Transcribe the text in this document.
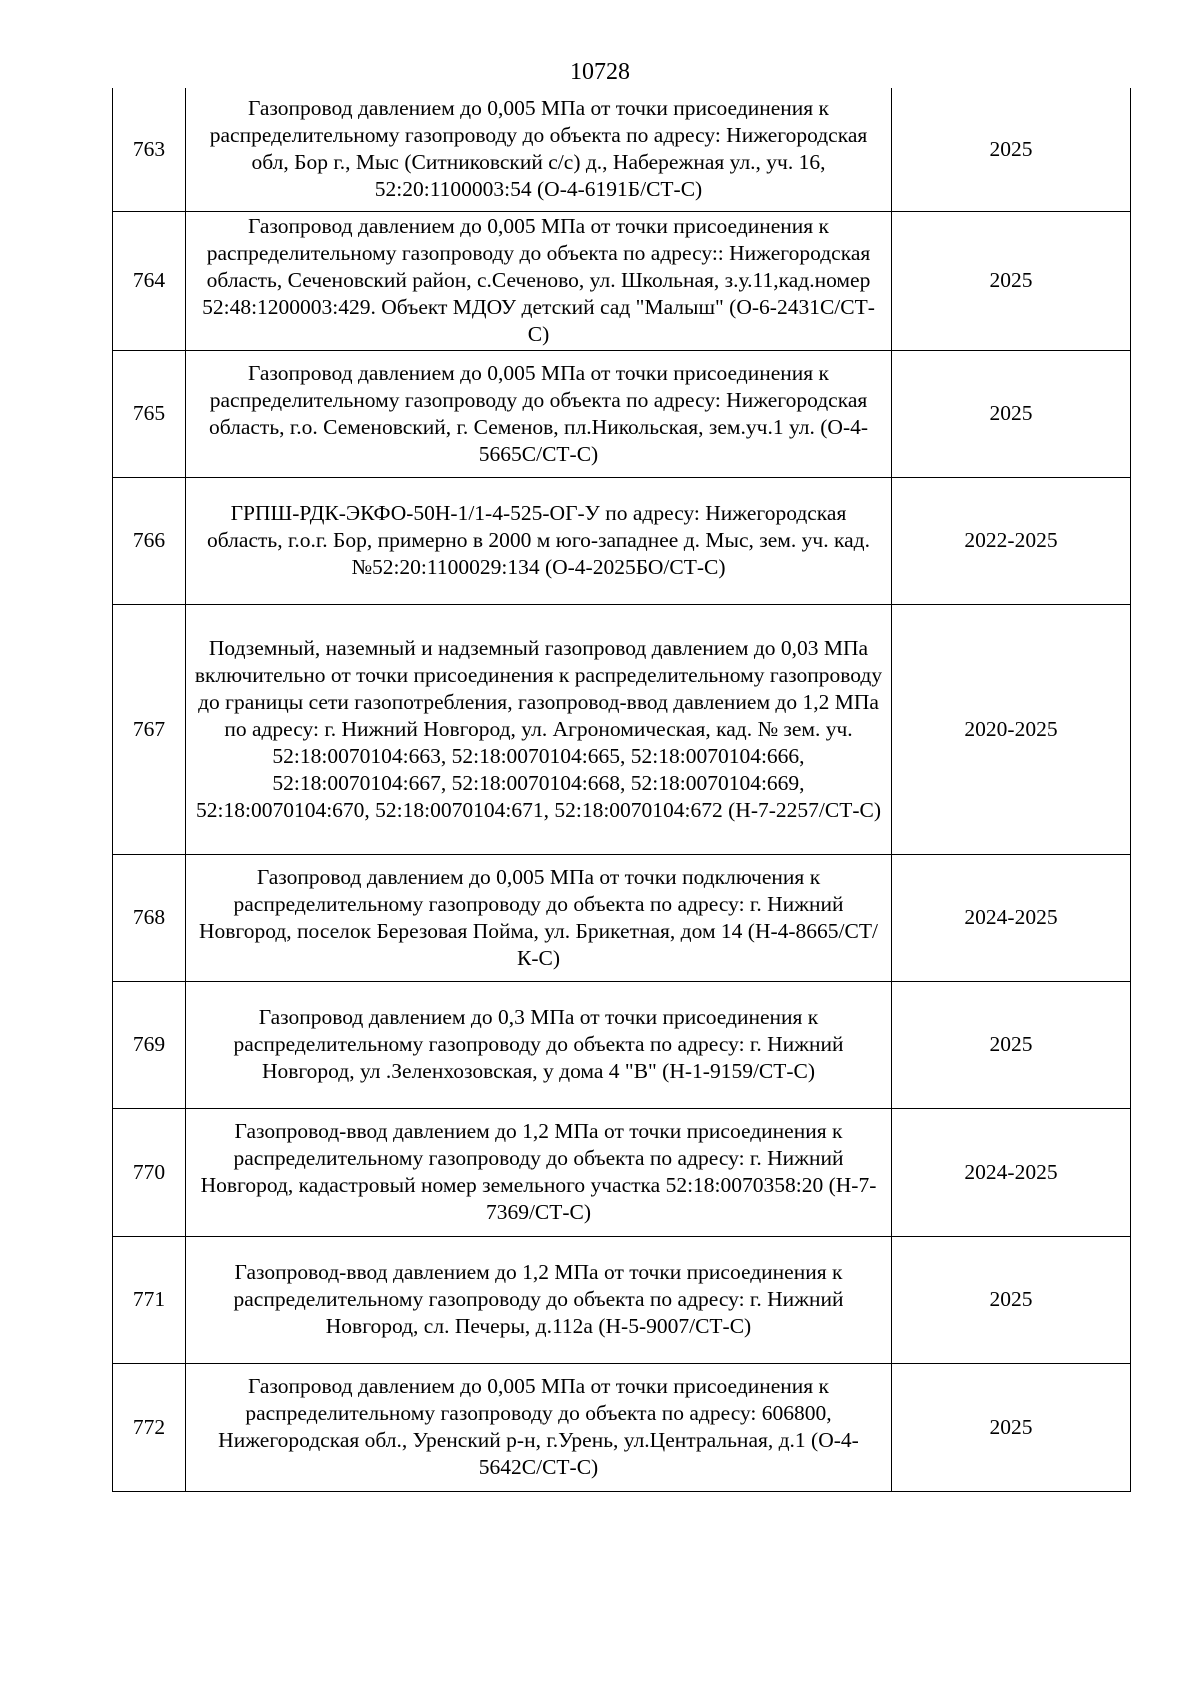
10728
763	Газопровод давлением до 0,005 МПа от точки присоединения к распределительному газопроводу до объекта по адресу: Нижегородская обл, Бор г., Мыс (Ситниковский с/с) д., Набережная ул., уч. 16, 52:20:1100003:54 (О-4-6191Б/СТ-С)	2025
764	Газопровод давлением до 0,005 МПа от точки присоединения к распределительному газопроводу до объекта по адресу:: Нижегородская область, Сеченовский район, с.Сеченово, ул. Школьная, з.у.11,кад.номер 52:48:1200003:429. Объект МДОУ детский сад "Малыш" (О-6-2431С/СТ-С)	2025
765	Газопровод давлением до 0,005 МПа от точки присоединения к распределительному газопроводу до объекта по адресу: Нижегородская область, г.о. Семеновский, г. Семенов, пл.Никольская, зем.уч.1 ул. (О-4-5665С/СТ-С)	2025
766	ГРПШ-РДК-ЭКФО-50Н-1/1-4-525-ОГ-У по адресу: Нижегородская область, г.о.г. Бор, примерно в 2000 м юго-западнее д. Мыс, зем. уч. кад. №52:20:1100029:134 (О-4-2025БО/СТ-С)	2022-2025
767	Подземный, наземный и надземный газопровод давлением до 0,03 МПа включительно от точки присоединения к распределительному газопроводу до границы сети газопотребления, газопровод-ввод давлением до 1,2 МПа по адресу: г. Нижний Новгород, ул. Агрономическая, кад. № зем. уч. 52:18:0070104:663, 52:18:0070104:665, 52:18:0070104:666, 52:18:0070104:667, 52:18:0070104:668, 52:18:0070104:669, 52:18:0070104:670, 52:18:0070104:671, 52:18:0070104:672 (Н-7-2257/СТ-С)	2020-2025
768	Газопровод давлением до 0,005 МПа от точки подключения к распределительному газопроводу до объекта по адресу: г. Нижний Новгород, поселок Березовая Пойма, ул. Брикетная, дом 14 (Н-4-8665/СТ/К-С)	2024-2025
769	Газопровод давлением до 0,3 МПа от точки присоединения к распределительному газопроводу до объекта по адресу: г. Нижний Новгород, ул .Зеленхозовская, у дома 4 "В" (Н-1-9159/СТ-С)	2025
770	Газопровод-ввод давлением до 1,2 МПа от точки присоединения к распределительному газопроводу до объекта по адресу: г. Нижний Новгород, кадастровый номер земельного участка 52:18:0070358:20 (Н-7-7369/СТ-С)	2024-2025
771	Газопровод-ввод давлением до 1,2 МПа от точки присоединения к распределительному газопроводу до объекта по адресу: г. Нижний Новгород, сл. Печеры, д.112а (Н-5-9007/СТ-С)	2025
772	Газопровод давлением до 0,005 МПа от точки присоединения к распределительному газопроводу до объекта по адресу: 606800, Нижегородская обл., Уренский р-н, г.Урень, ул.Центральная, д.1 (О-4-5642С/СТ-С)	2025
